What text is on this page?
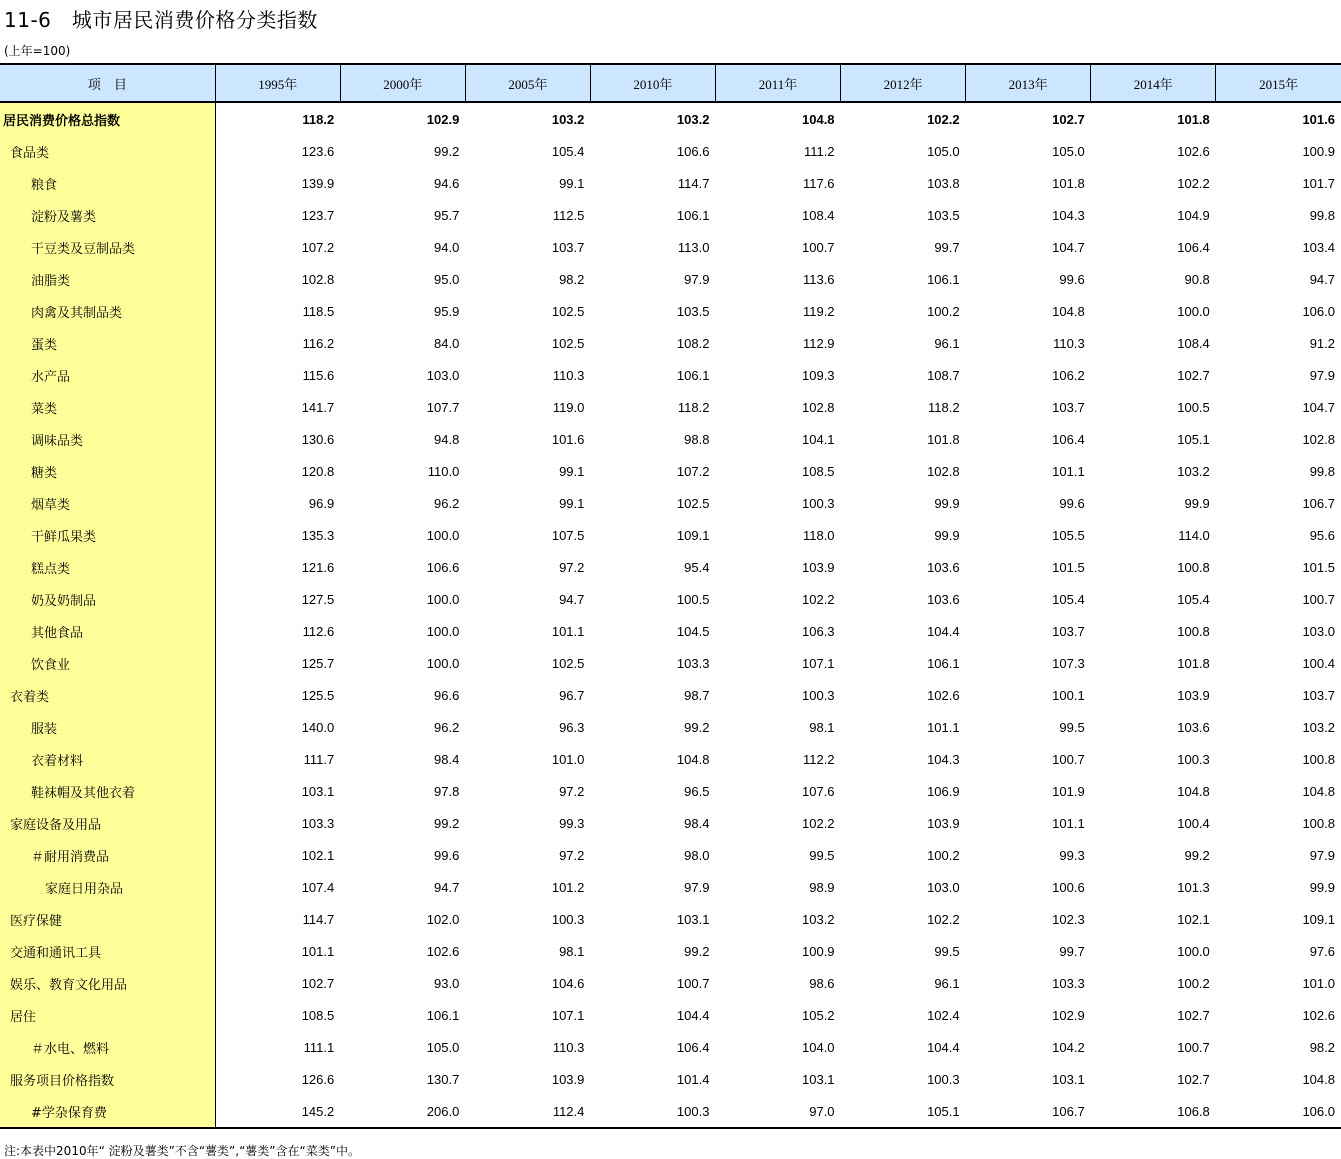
11-6　城市居民消费价格分类指数
(上年=100)
项　目	1995年	2000年	2005年	2010年	2011年	2012年	2013年	2014年	2015年
居民消费价格总指数	118.2	102.9	103.2	103.2	104.8	102.2	102.7	101.8	101.6
食品类	123.6	99.2	105.4	106.6	111.2	105.0	105.0	102.6	100.9
粮食	139.9	94.6	99.1	114.7	117.6	103.8	101.8	102.2	101.7
淀粉及薯类	123.7	95.7	112.5	106.1	108.4	103.5	104.3	104.9	99.8
干豆类及豆制品类	107.2	94.0	103.7	113.0	100.7	99.7	104.7	106.4	103.4
油脂类	102.8	95.0	98.2	97.9	113.6	106.1	99.6	90.8	94.7
肉禽及其制品类	118.5	95.9	102.5	103.5	119.2	100.2	104.8	100.0	106.0
蛋类	116.2	84.0	102.5	108.2	112.9	96.1	110.3	108.4	91.2
水产品	115.6	103.0	110.3	106.1	109.3	108.7	106.2	102.7	97.9
菜类	141.7	107.7	119.0	118.2	102.8	118.2	103.7	100.5	104.7
调味品类	130.6	94.8	101.6	98.8	104.1	101.8	106.4	105.1	102.8
糖类	120.8	110.0	99.1	107.2	108.5	102.8	101.1	103.2	99.8
烟草类	96.9	96.2	99.1	102.5	100.3	99.9	99.6	99.9	106.7
干鲜瓜果类	135.3	100.0	107.5	109.1	118.0	99.9	105.5	114.0	95.6
糕点类	121.6	106.6	97.2	95.4	103.9	103.6	101.5	100.8	101.5
奶及奶制品	127.5	100.0	94.7	100.5	102.2	103.6	105.4	105.4	100.7
其他食品	112.6	100.0	101.1	104.5	106.3	104.4	103.7	100.8	103.0
饮食业	125.7	100.0	102.5	103.3	107.1	106.1	107.3	101.8	100.4
衣着类	125.5	96.6	96.7	98.7	100.3	102.6	100.1	103.9	103.7
服装	140.0	96.2	96.3	99.2	98.1	101.1	99.5	103.6	103.2
衣着材料	111.7	98.4	101.0	104.8	112.2	104.3	100.7	100.3	100.8
鞋袜帽及其他衣着	103.1	97.8	97.2	96.5	107.6	106.9	101.9	104.8	104.8
家庭设备及用品	103.3	99.2	99.3	98.4	102.2	103.9	101.1	100.4	100.8
＃耐用消费品	102.1	99.6	97.2	98.0	99.5	100.2	99.3	99.2	97.9
家庭日用杂品	107.4	94.7	101.2	97.9	98.9	103.0	100.6	101.3	99.9
医疗保健	114.7	102.0	100.3	103.1	103.2	102.2	102.3	102.1	109.1
交通和通讯工具	101.1	102.6	98.1	99.2	100.9	99.5	99.7	100.0	97.6
娱乐、教育文化用品	102.7	93.0	104.6	100.7	98.6	96.1	103.3	100.2	101.0
居住	108.5	106.1	107.1	104.4	105.2	102.4	102.9	102.7	102.6
＃水电、燃料	111.1	105.0	110.3	106.4	104.0	104.4	104.2	100.7	98.2
服务项目价格指数	126.6	130.7	103.9	101.4	103.1	100.3	103.1	102.7	104.8
#学杂保育费	145.2	206.0	112.4	100.3	97.0	105.1	106.7	106.8	106.0
注:本表中2010年“ 淀粉及薯类”不含“薯类”,“薯类”含在“菜类”中。
